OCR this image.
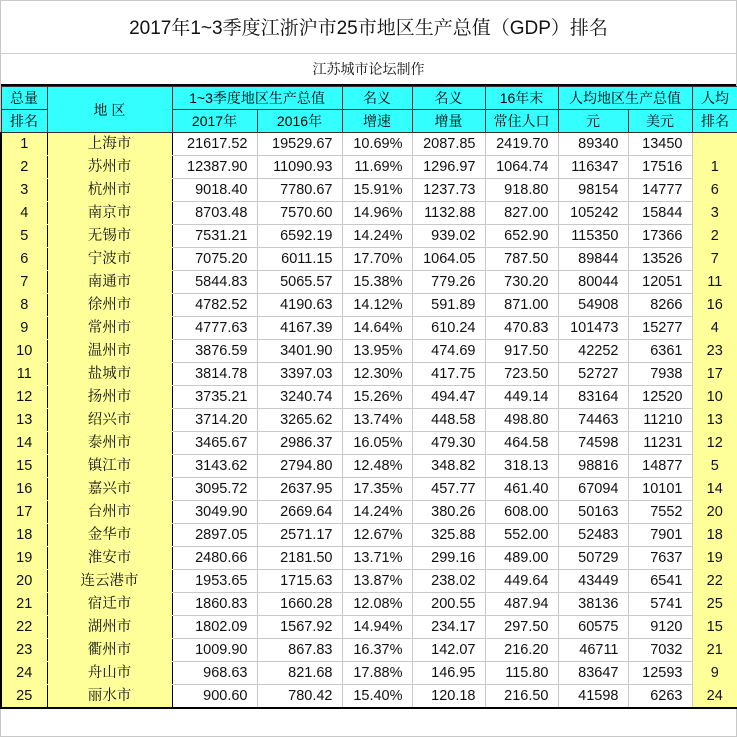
2017年1~3季度江浙沪市25市地区生产总值（GDP）排名
江苏城市论坛制作
总量	地 区	1~3季度地区生产总值		名义	名义	16年末	人均地区生产总值		人均
排名		2017年	2016年	增速	增量	常住人口	元	美元	排名
1	上海市	21617.52	19529.67	10.69%	2087.85	2419.70	89340	13450	
2	苏州市	12387.90	11090.93	11.69%	1296.97	1064.74	116347	17516	1
3	杭州市	9018.40	7780.67	15.91%	1237.73	918.80	98154	14777	6
4	南京市	8703.48	7570.60	14.96%	1132.88	827.00	105242	15844	3
5	无锡市	7531.21	6592.19	14.24%	939.02	652.90	115350	17366	2
6	宁波市	7075.20	6011.15	17.70%	1064.05	787.50	89844	13526	7
7	南通市	5844.83	5065.57	15.38%	779.26	730.20	80044	12051	11
8	徐州市	4782.52	4190.63	14.12%	591.89	871.00	54908	8266	16
9	常州市	4777.63	4167.39	14.64%	610.24	470.83	101473	15277	4
10	温州市	3876.59	3401.90	13.95%	474.69	917.50	42252	6361	23
11	盐城市	3814.78	3397.03	12.30%	417.75	723.50	52727	7938	17
12	扬州市	3735.21	3240.74	15.26%	494.47	449.14	83164	12520	10
13	绍兴市	3714.20	3265.62	13.74%	448.58	498.80	74463	11210	13
14	泰州市	3465.67	2986.37	16.05%	479.30	464.58	74598	11231	12
15	镇江市	3143.62	2794.80	12.48%	348.82	318.13	98816	14877	5
16	嘉兴市	3095.72	2637.95	17.35%	457.77	461.40	67094	10101	14
17	台州市	3049.90	2669.64	14.24%	380.26	608.00	50163	7552	20
18	金华市	2897.05	2571.17	12.67%	325.88	552.00	52483	7901	18
19	淮安市	2480.66	2181.50	13.71%	299.16	489.00	50729	7637	19
20	连云港市	1953.65	1715.63	13.87%	238.02	449.64	43449	6541	22
21	宿迁市	1860.83	1660.28	12.08%	200.55	487.94	38136	5741	25
22	湖州市	1802.09	1567.92	14.94%	234.17	297.50	60575	9120	15
23	衢州市	1009.90	867.83	16.37%	142.07	216.20	46711	7032	21
24	舟山市	968.63	821.68	17.88%	146.95	115.80	83647	12593	9
25	丽水市	900.60	780.42	15.40%	120.18	216.50	41598	6263	24
